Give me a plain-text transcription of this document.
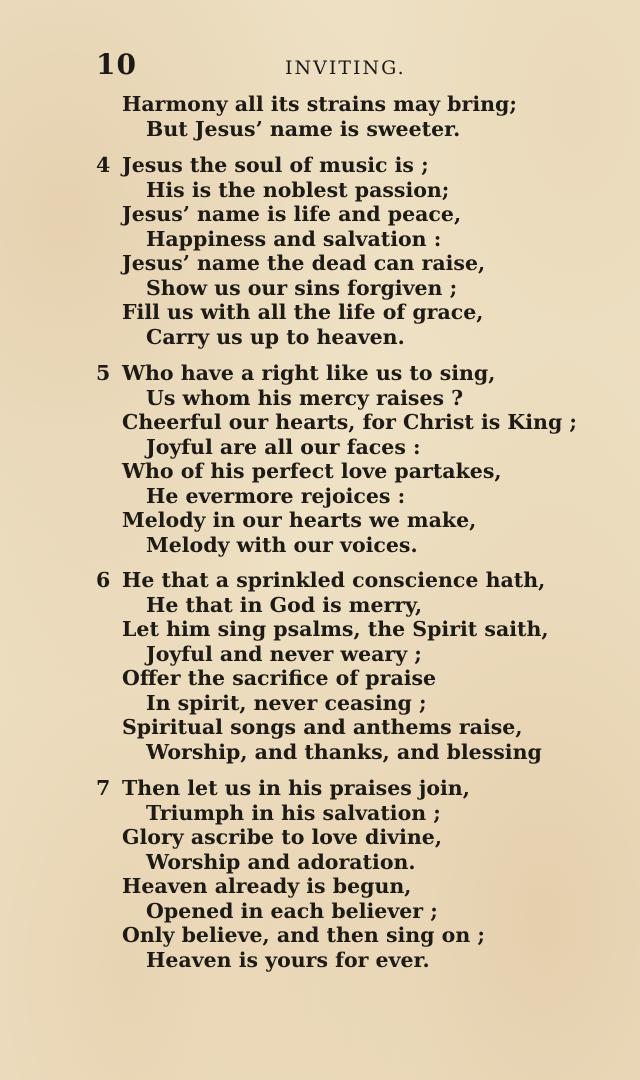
10	INVITING.
Harmony all its strains may bring;
But Jesus’ name is sweeter.
4 Jesus the soul of music is ;
His is the noblest passion;
Jesus’ name is life and peace,
Happiness and salvation :
Jesus’ name the dead can raise,
Show us our sins forgiven ;
Fill us with all the life of grace,
Carry us up to heaven.
5 Who have a right like us to sing,
Us whom his mercy raises ?
Cheerful our hearts, for Christ is King ;
Joyful are all our faces :
Who of his perfect love partakes,
He evermore rejoices :
Melody in our hearts we make,
Melody with our voices.
6 He that a sprinkled conscience hath,
He that in God is merry,
Let him sing psalms, the Spirit saith,
Joyful and never weary ;
Offer the sacrifice of praise
In spirit, never ceasing ;
Spiritual songs and anthems raise,
Worship, and thanks, and blessing
7 Then let us in his praises join,
Triumph in his salvation ;
Glory ascribe to love divine,
Worship and adoration.
Heaven already is begun,
Opened in each believer ;
Only believe, and then sing on ;
Heaven is yours for ever.
